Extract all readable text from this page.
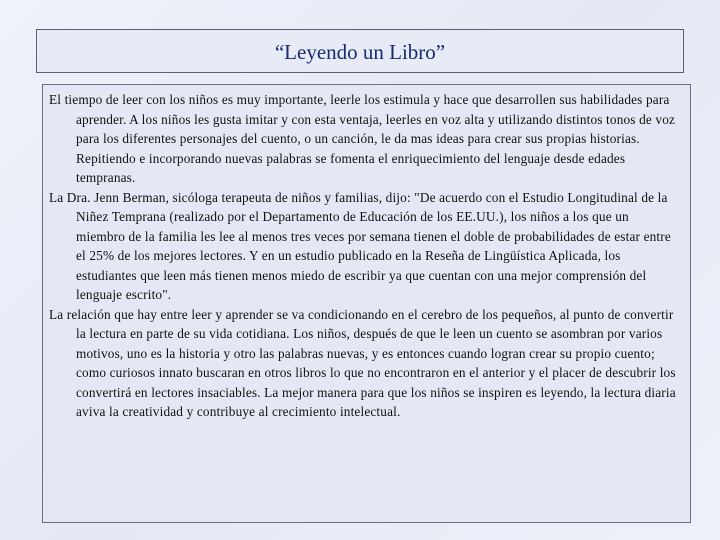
“Leyendo un Libro”

El tiempo de leer con los niños es muy importante, leerle los estimula y hace que desarrollen sus habilidades para aprender. A los niños les gusta imitar y con esta ventaja, leerles en voz alta y utilizando distintos tonos de voz para los diferentes personajes del cuento, o un canción, le da mas ideas para crear sus propias historias. Repitiendo e incorporando nuevas palabras se fomenta el enriquecimiento del lenguaje desde edades tempranas.

La Dra. Jenn Berman, sicóloga terapeuta de niños y familias, dijo: "De acuerdo con el Estudio Longitudinal de la Niñez Temprana (realizado por el Departamento de Educación de los EE.UU.), los niños a los que un miembro de la familia les lee al menos tres veces por semana tienen el doble de probabilidades de estar entre el 25% de los mejores lectores. Y en un estudio publicado en la Reseña de Lingüística Aplicada, los estudiantes que leen más tienen menos miedo de escribir ya que cuentan con una mejor comprensión del lenguaje escrito".

La relación que hay entre leer y aprender se va condicionando en el cerebro de los pequeños, al punto de convertir la lectura en parte de su vida cotidiana. Los niños, después de que le leen un cuento se asombran por varios motivos, uno es la historia y otro las palabras nuevas, y es entonces cuando logran crear su propio cuento; como curiosos innato buscaran en otros libros lo que no encontraron en el anterior y el placer de descubrir los convertirá en lectores insaciables. La mejor manera para que los niños se inspiren es leyendo, la lectura diaria aviva la creatividad y contribuye al crecimiento intelectual.
